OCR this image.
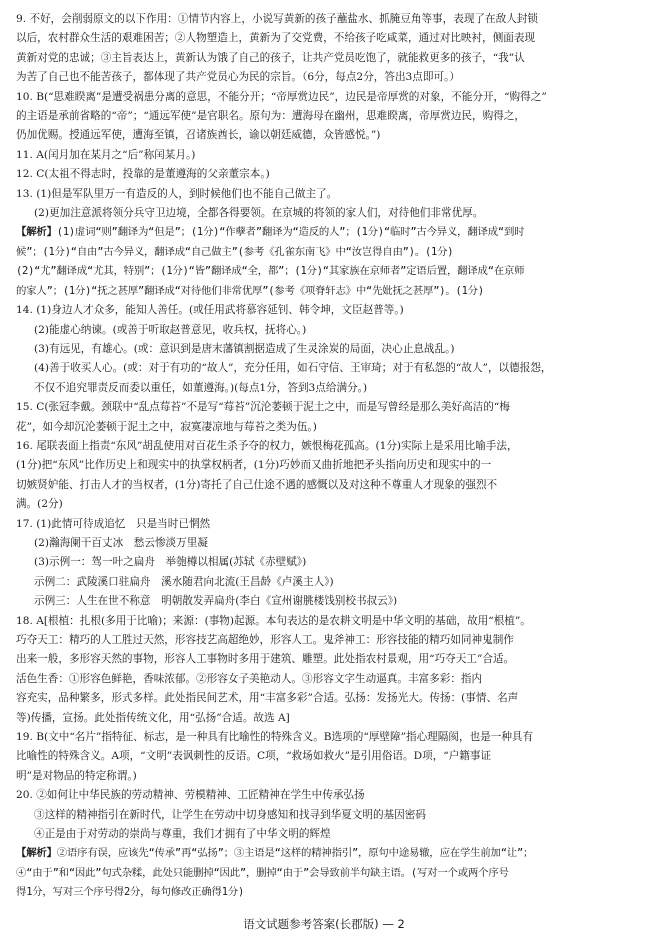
9. 不好，会削弱原文的以下作用：①情节内容上，小说写黄新的孩子蘸盐水、抓腌豆角等事，表现了在敌人封锁
以后，农村群众生活的艰难困苦；②人物塑造上，黄新为了交党费，不给孩子吃咸菜，通过对比映衬，侧面表现
黄新对党的忠诚；③主旨表达上，黄新认为饿了自己的孩子，让共产党员吃饱了，就能救更多的孩子，“我”认
为苦了自己也不能苦孩子，都体现了共产党员心为民的宗旨。（6分，每点2分，答出3点即可。）
10. B(“思难睽离”是遭受祸患分离的意思，不能分开；“帝厚赏边民”，边民是帝厚赏的对象，不能分开，“购得之”
的主语是承前省略的“帝”；“通远军使”是官职名。原句为：遭海母在幽州，思难睽离，帝厚赏边民，购得之，
仍加优赐。授通远军使，遭海至镇，召诸族酋长，谕以朝廷威德，众皆感悦。”)
11. A(闰月加在某月之“后”称闰某月。)
12. C(太祖不得志时，投靠的是董遵海的父亲董宗本。)
13. (1)但是军队里万一有造反的人，到时候他们也不能自己做主了。
(2)更加注意派将领分兵守卫边境，全都各得要领。在京城的将领的家人们，对待他们非常优厚。
【解析】(1)虚词“则”翻译为“但是”；(1分)“作孽者”翻译为“造反的人”；(1分)“临时”古今异义，翻译成“到时
候”；(1分)“自由”古今异义，翻译成“自己做主”(参考《孔雀东南飞》中“汝岂得自由”)。(1分)
(2)“尤”翻译成“尤其，特别”；(1分)“皆”翻译成“全，都”；(1分)“其家族在京师者”定语后置，翻译成“在京师
的家人”；(1分)“抚之甚厚”翻译成“对待他们非常优厚”(参考《项脊轩志》中“先妣抚之甚厚”)。(1分)
14. (1)身边人才众多，能知人善任。(或任用武将慕容延钊、韩令坤，文臣赵普等。)
(2)能虚心纳谏。(或善于听取赵普意见，收兵权，抚将心。)
(3)有远见，有雄心。(或：意识到是唐末藩镇割据造成了生灵涂炭的局面，决心止息战乱。)
(4)善于收买人心。(或：对于有功的“故人”，充分任用，如石守信、王审琦；对于有私怨的“故人”，以德报怨，
不仅不追究罪责反而委以重任，如董遵海。)(每点1分，答到3点给满分。)
15. C(张冠李戴。颈联中“乱点莓苔”不是写“莓苔”沉沦萎顿于泥土之中，而是写曾经是那么美好高洁的“梅
花”，如今却沉沦萎顿于泥土之中，寂寞凄凉地与莓苔之类为伍。)
16. 尾联表面上指责“东风”胡乱使用对百花生杀予夺的权力，嫉恨梅花孤高。(1分)实际上是采用比喻手法，
(1分)把“东风”比作历史上和现实中的执掌权柄者，(1分)巧妙而又曲折地把矛头指向历史和现实中的一
切嫉贤妒能、打击人才的当权者，(1分)寄托了自己仕途不遇的感慨以及对这种不尊重人才现象的强烈不
满。(2分)
17. (1)此情可待成追忆　只是当时已惘然
(2)瀚海阑干百丈冰　愁云惨淡万里凝
(3)示例一：驾一叶之扁舟　举匏樽以相属(苏轼《赤壁赋》)
示例二：武陵溪口驻扁舟　溪水随君向北流(王昌龄《卢溪主人》)
示例三：人生在世不称意　明朝散发弄扁舟(李白《宣州谢朓楼饯别校书叔云》)
18. A[根植：扎根(多用于比喻)；来源：(事物)起源。本句表达的是农耕文明是中华文明的基础，故用“根植”。
巧夺天工：精巧的人工胜过天然，形容技艺高超绝妙，形容人工。鬼斧神工：形容技能的精巧如同神鬼制作
出来一般，多形容天然的事物，形容人工事物时多用于建筑、雕塑。此处指农村景观，用“巧夺天工”合适。
活色生香：①形容色鲜艳，香味浓郁。②形容女子美艳动人。③形容文字生动逼真。丰富多彩：指内
容充实，品种繁多，形式多样。此处指民间艺术，用“丰富多彩”合适。弘扬：发扬光大。传扬：(事情、名声
等)传播，宣扬。此处指传统文化，用“弘扬”合适。故选 A]
19. B(文中“名片”指特征、标志，是一种具有比喻性的特殊含义。B选项的“厚壁障”指心理隔阂，也是一种具有
比喻性的特殊含义。A项，“文明”表讽刺性的反语。C项，“救场如救火”是引用俗语。D项，“户籍事证
明”是对物品的特定称谓。)
20. ②如何让中华民族的劳动精神、劳模精神、工匠精神在学生中传承弘扬
③这样的精神指引在新时代，让学生在劳动中切身感知和找寻到华夏文明的基因密码
④正是由于对劳动的崇尚与尊重，我们才拥有了中华文明的辉煌
【解析】②语序有误，应该先“传承”再“弘扬”；③主语是“这样的精神指引”，原句中途易辙，应在学生前加“让”；
④“由于”和“因此”句式杂糅，此处只能删掉“因此”，删掉“由于”会导致前半句缺主语。(写对一个或两个序号
得1分，写对三个序号得2分，每句修改正确得1分)
语文试题参考答案(长郡版) — 2
